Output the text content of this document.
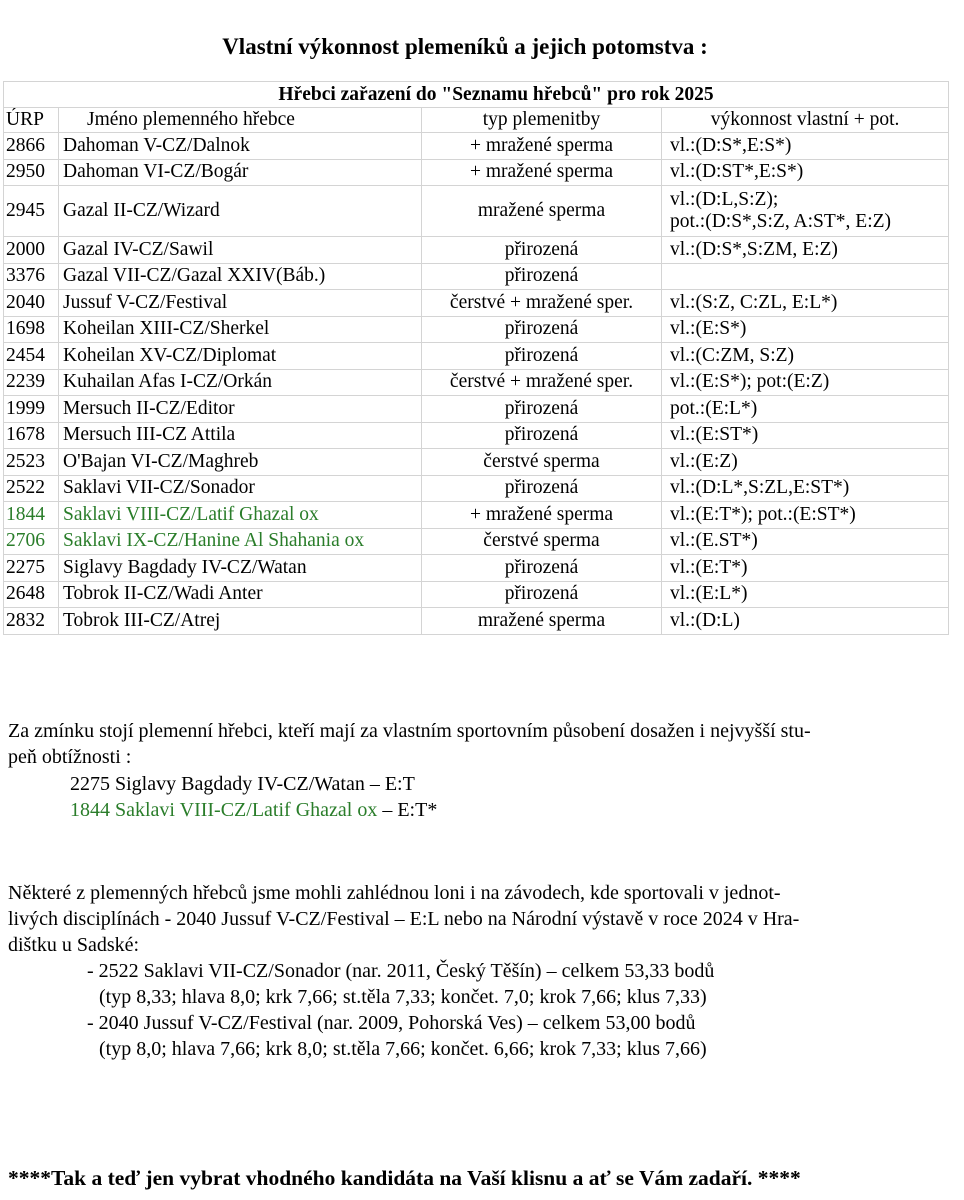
Vlastní výkonnost plemeníků a jejich potomstva :
Hřebci zařazení do "Seznamu hřebců" pro rok 2025			
ÚRP	Jméno plemenného hřebce	typ plemenitby	výkonnost vlastní + pot.
2866	Dahoman V-CZ/Dalnok	+ mražené sperma	vl.:(D:S*,E:S*)

2950	Dahoman VI-CZ/Bogár	+ mražené sperma	vl.:(D:ST*,E:S*)

2945	Gazal II-CZ/Wizard	mražené sperma	vl.:(D:L,S:Z);
pot.:(D:S*,S:Z, A:ST*, E:Z)

2000	Gazal IV-CZ/Sawil	přirozená	vl.:(D:S*,S:ZM, E:Z)

3376	Gazal VII-CZ/Gazal XXIV(Báb.)	přirozená	

2040	Jussuf V-CZ/Festival	čerstvé + mražené sper.	vl.:(S:Z, C:ZL, E:L*)

1698	Koheilan XIII-CZ/Sherkel	přirozená	vl.:(E:S*)

2454	Koheilan XV-CZ/Diplomat	přirozená	vl.:(C:ZM, S:Z)

2239	Kuhailan Afas I-CZ/Orkán	čerstvé + mražené sper.	vl.:(E:S*); pot:(E:Z)

1999	Mersuch II-CZ/Editor	přirozená	pot.:(E:L*)

1678	Mersuch III-CZ Attila	přirozená	vl.:(E:ST*)

2523	O'Bajan VI-CZ/Maghreb	čerstvé sperma	vl.:(E:Z)

2522	Saklavi VII-CZ/Sonador	přirozená	vl.:(D:L*,S:ZL,E:ST*)

1844	Saklavi VIII-CZ/Latif Ghazal ox	+ mražené sperma	vl.:(E:T*); pot.:(E:ST*)

2706	Saklavi IX-CZ/Hanine Al Shahania ox	čerstvé sperma	vl.:(E.ST*)

2275	Siglavy Bagdady IV-CZ/Watan	přirozená	vl.:(E:T*)

2648	Tobrok II-CZ/Wadi Anter	přirozená	vl.:(E:L*)

2832	Tobrok III-CZ/Atrej	mražené sperma	vl.:(D:L)
Za zmínku stojí plemenní hřebci, kteří mají za vlastním sportovním působení dosažen i nejvyšší stu-
peň obtížnosti :
2275 Siglavy Bagdady IV-CZ/Watan – E:T
1844 Saklavi VIII-CZ/Latif Ghazal ox – E:T*
Některé z plemenných hřebců jsme mohli zahlédnou loni i na závodech, kde sportovali v jednot-
livých disciplínách - 2040 Jussuf V-CZ/Festival – E:L nebo na Národní výstavě v roce 2024 v Hra-
dištku u Sadské:
- 2522 Saklavi VII-CZ/Sonador (nar. 2011, Český Těšín) – celkem 53,33 bodů
(typ 8,33; hlava 8,0; krk 7,66; st.těla 7,33; končet. 7,0; krok 7,66; klus 7,33)
- 2040 Jussuf V-CZ/Festival (nar. 2009, Pohorská Ves) – celkem 53,00 bodů
(typ 8,0; hlava 7,66; krk 8,0; st.těla 7,66; končet. 6,66; krok 7,33; klus 7,66)
****Tak a teď jen vybrat vhodného kandidáta na Vaší klisnu a ať se Vám zadaří. ****
